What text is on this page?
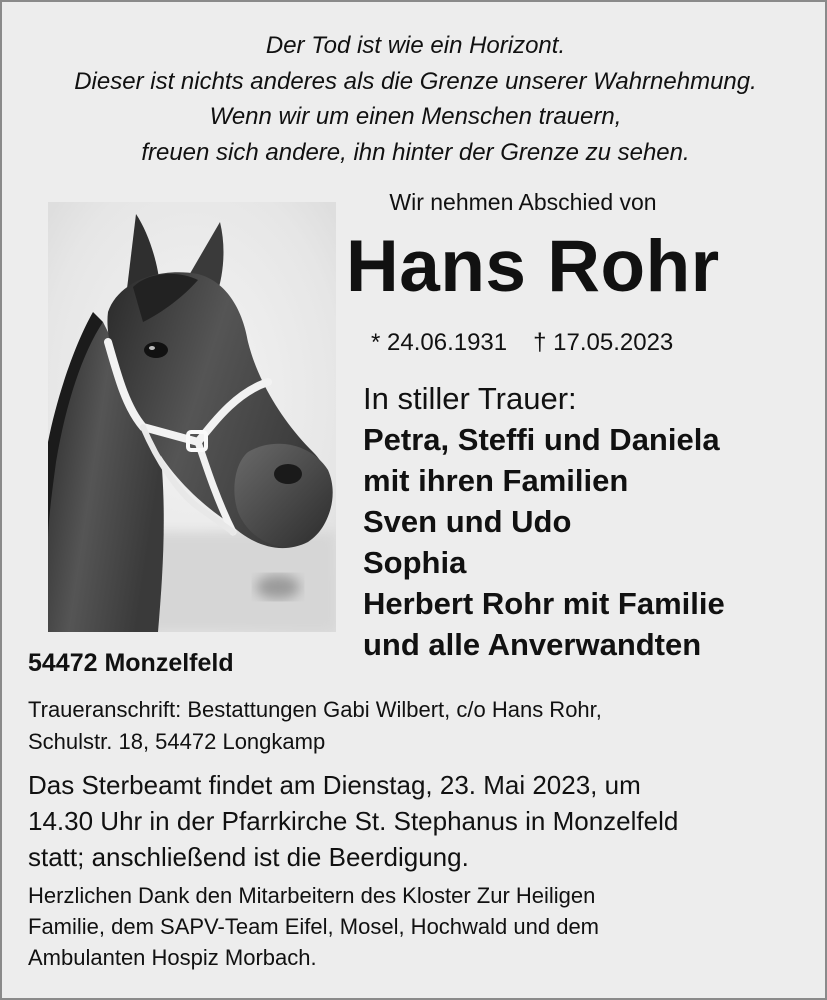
Der Tod ist wie ein Horizont.
Dieser ist nichts anderes als die Grenze unserer Wahrnehmung.
Wenn wir um einen Menschen trauern,
freuen sich andere, ihn hinter der Grenze zu sehen.
Wir nehmen Abschied von
Hans Rohr
* 24.06.1931 † 17.05.2023
In stiller Trauer:
Petra, Steffi und Daniela
mit ihren Familien
Sven und Udo
Sophia
Herbert Rohr mit Familie
und alle Anverwandten
54472 Monzelfeld
Traueranschrift: Bestattungen Gabi Wilbert, c/o Hans Rohr,
Schulstr. 18, 54472 Longkamp
Das Sterbeamt findet am Dienstag, 23. Mai 2023, um
14.30 Uhr in der Pfarrkirche St. Stephanus in Monzelfeld
statt; anschließend ist die Beerdigung.
Herzlichen Dank den Mitarbeitern des Kloster Zur Heiligen
Familie, dem SAPV-Team Eifel, Mosel, Hochwald und dem
Ambulanten Hospiz Morbach.
